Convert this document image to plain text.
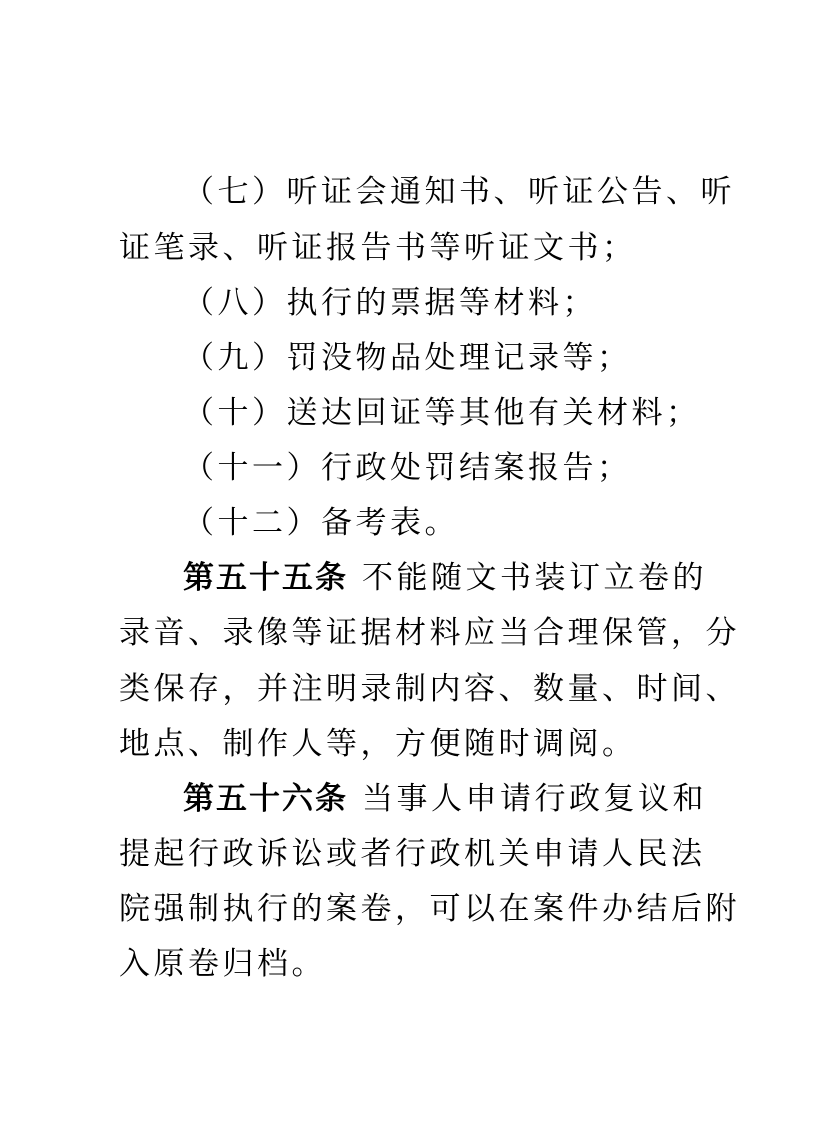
（七）听证会通知书、听证公告、听
证笔录、听证报告书等听证文书；
（八）执行的票据等材料；
（九）罚没物品处理记录等；
（十）送达回证等其他有关材料；
（十一）行政处罚结案报告；
（十二）备考表。
第五十五条 不能随文书装订立卷的
录音、录像等证据材料应当合理保管，分
类保存，并注明录制内容、数量、时间、
地点、制作人等，方便随时调阅。
第五十六条 当事人申请行政复议和
提起行政诉讼或者行政机关申请人民法
院强制执行的案卷，可以在案件办结后附
入原卷归档。
